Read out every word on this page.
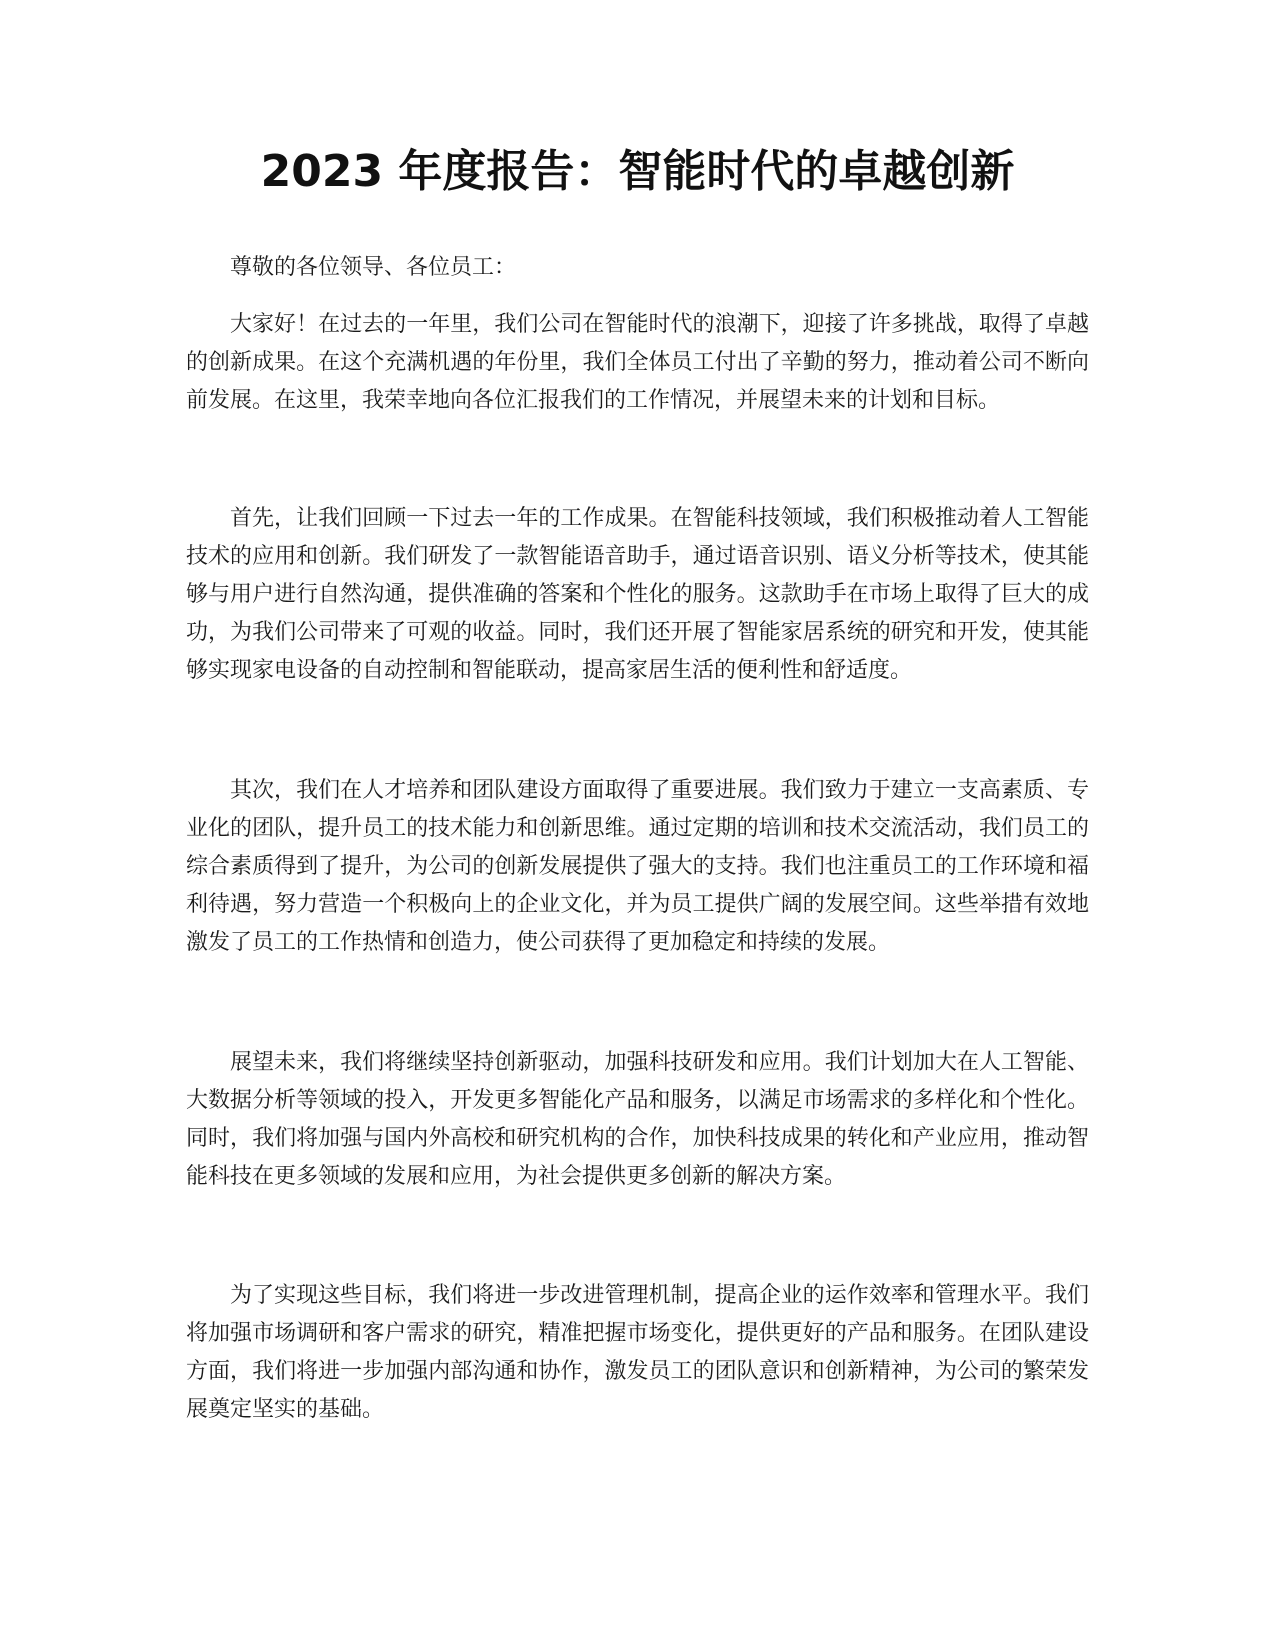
2023 年度报告：智能时代的卓越创新

尊敬的各位领导、各位员工：

大家好！在过去的一年里，我们公司在智能时代的浪潮下，迎接了许多挑战，取得了卓越的创新成果。在这个充满机遇的年份里，我们全体员工付出了辛勤的努力，推动着公司不断向前发展。在这里，我荣幸地向各位汇报我们的工作情况，并展望未来的计划和目标。

首先，让我们回顾一下过去一年的工作成果。在智能科技领域，我们积极推动着人工智能技术的应用和创新。我们研发了一款智能语音助手，通过语音识别、语义分析等技术，使其能够与用户进行自然沟通，提供准确的答案和个性化的服务。这款助手在市场上取得了巨大的成功，为我们公司带来了可观的收益。同时，我们还开展了智能家居系统的研究和开发，使其能够实现家电设备的自动控制和智能联动，提高家居生活的便利性和舒适度。

其次，我们在人才培养和团队建设方面取得了重要进展。我们致力于建立一支高素质、专业化的团队，提升员工的技术能力和创新思维。通过定期的培训和技术交流活动，我们员工的综合素质得到了提升，为公司的创新发展提供了强大的支持。我们也注重员工的工作环境和福利待遇，努力营造一个积极向上的企业文化，并为员工提供广阔的发展空间。这些举措有效地激发了员工的工作热情和创造力，使公司获得了更加稳定和持续的发展。

展望未来，我们将继续坚持创新驱动，加强科技研发和应用。我们计划加大在人工智能、大数据分析等领域的投入，开发更多智能化产品和服务，以满足市场需求的多样化和个性化。同时，我们将加强与国内外高校和研究机构的合作，加快科技成果的转化和产业应用，推动智能科技在更多领域的发展和应用，为社会提供更多创新的解决方案。

为了实现这些目标，我们将进一步改进管理机制，提高企业的运作效率和管理水平。我们将加强市场调研和客户需求的研究，精准把握市场变化，提供更好的产品和服务。在团队建设方面，我们将进一步加强内部沟通和协作，激发员工的团队意识和创新精神，为公司的繁荣发展奠定坚实的基础。
